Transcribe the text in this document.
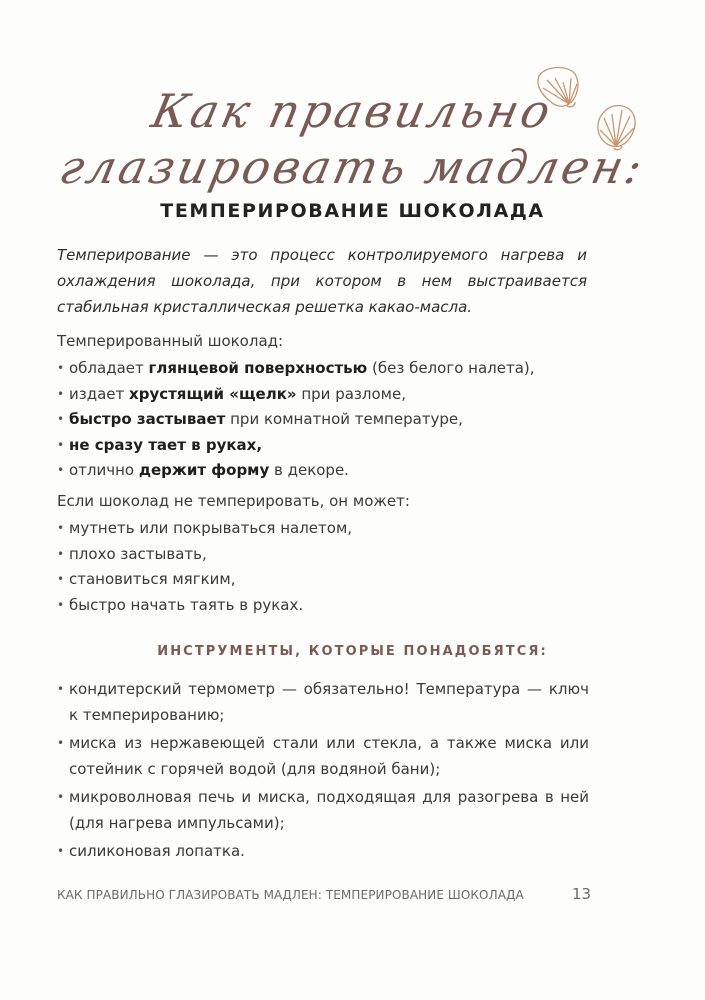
Как правильно
глазировать мадлен:
ТЕМПЕРИРОВАНИЕ ШОКОЛАДА
Темперирование — это процесс контролируемого нагрева и охлаждения шоколада, при котором в нем выстраивается стабильная кристаллическая решетка какао-масла.
Темперированный шоколад:
• обладает глянцевой поверхностью (без белого налета),
• издает хрустящий «щелк» при разломе,
• быстро застывает при комнатной температуре,
• не сразу тает в руках,
• отлично держит форму в декоре.
Если шоколад не темперировать, он может:
• мутнеть или покрываться налетом,
• плохо застывать,
• становиться мягким,
• быстро начать таять в руках.
ИНСТРУМЕНТЫ, КОТОРЫЕ ПОНАДОБЯТСЯ:
• кондитерский термометр — обязательно! Температура — ключ к темперированию;
• миска из нержавеющей стали или стекла, а также миска или сотейник с горячей водой (для водяной бани);
• микроволновая печь и миска, подходящая для разогрева в ней (для нагрева импульсами);
• силиконовая лопатка.
КАК ПРАВИЛЬНО ГЛАЗИРОВАТЬ МАДЛЕН: ТЕМПЕРИРОВАНИЕ ШОКОЛАДА	13
